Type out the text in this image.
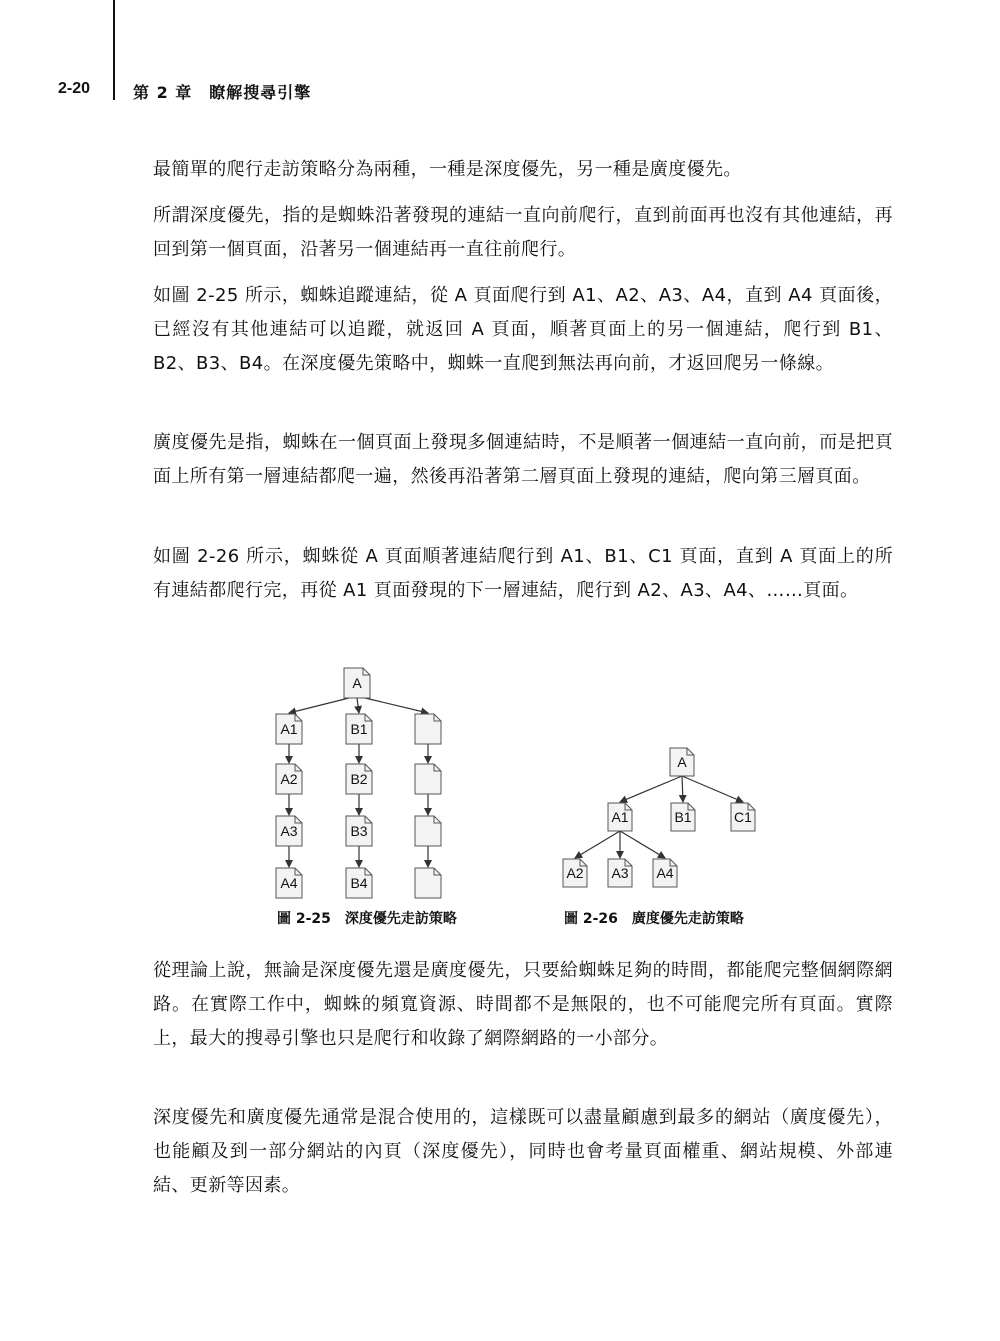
2-20	第 2 章　瞭解搜尋引擎
最簡單的爬行走訪策略分為兩種，一種是深度優先，另一種是廣度優先。
所謂深度優先，指的是蜘蛛沿著發現的連結一直向前爬行，直到前面再也沒有其他連結，再回到第一個頁面，沿著另一個連結再一直往前爬行。
如圖 2-25 所示，蜘蛛追蹤連結，從 A 頁面爬行到 A1、A2、A3、A4，直到 A4 頁面後，已經沒有其他連結可以追蹤，就返回 A 頁面，順著頁面上的另一個連結，爬行到 B1、B2、B3、B4。在深度優先策略中，蜘蛛一直爬到無法再向前，才返回爬另一條線。
廣度優先是指，蜘蛛在一個頁面上發現多個連結時，不是順著一個連結一直向前，而是把頁面上所有第一層連結都爬一遍，然後再沿著第二層頁面上發現的連結，爬向第三層頁面。
如圖 2-26 所示，蜘蛛從 A 頁面順著連結爬行到 A1、B1、C1 頁面，直到 A 頁面上的所有連結都爬行完，再從 A1 頁面發現的下一層連結，爬行到 A2、A3、A4、……頁面。
A
A1
A2
A3
A4
B1
B2
B3
B4
A
A1	B1	C1
A2 A3 A4
圖 2-25　深度優先走訪策略	圖 2-26　廣度優先走訪策略
從理論上說，無論是深度優先還是廣度優先，只要給蜘蛛足夠的時間，都能爬完整個網際網路。在實際工作中，蜘蛛的頻寬資源、時間都不是無限的，也不可能爬完所有頁面。實際上，最大的搜尋引擎也只是爬行和收錄了網際網路的一小部分。
深度優先和廣度優先通常是混合使用的，這樣既可以盡量顧慮到最多的網站（廣度優先），也能顧及到一部分網站的內頁（深度優先），同時也會考量頁面權重、網站規模、外部連結、更新等因素。
